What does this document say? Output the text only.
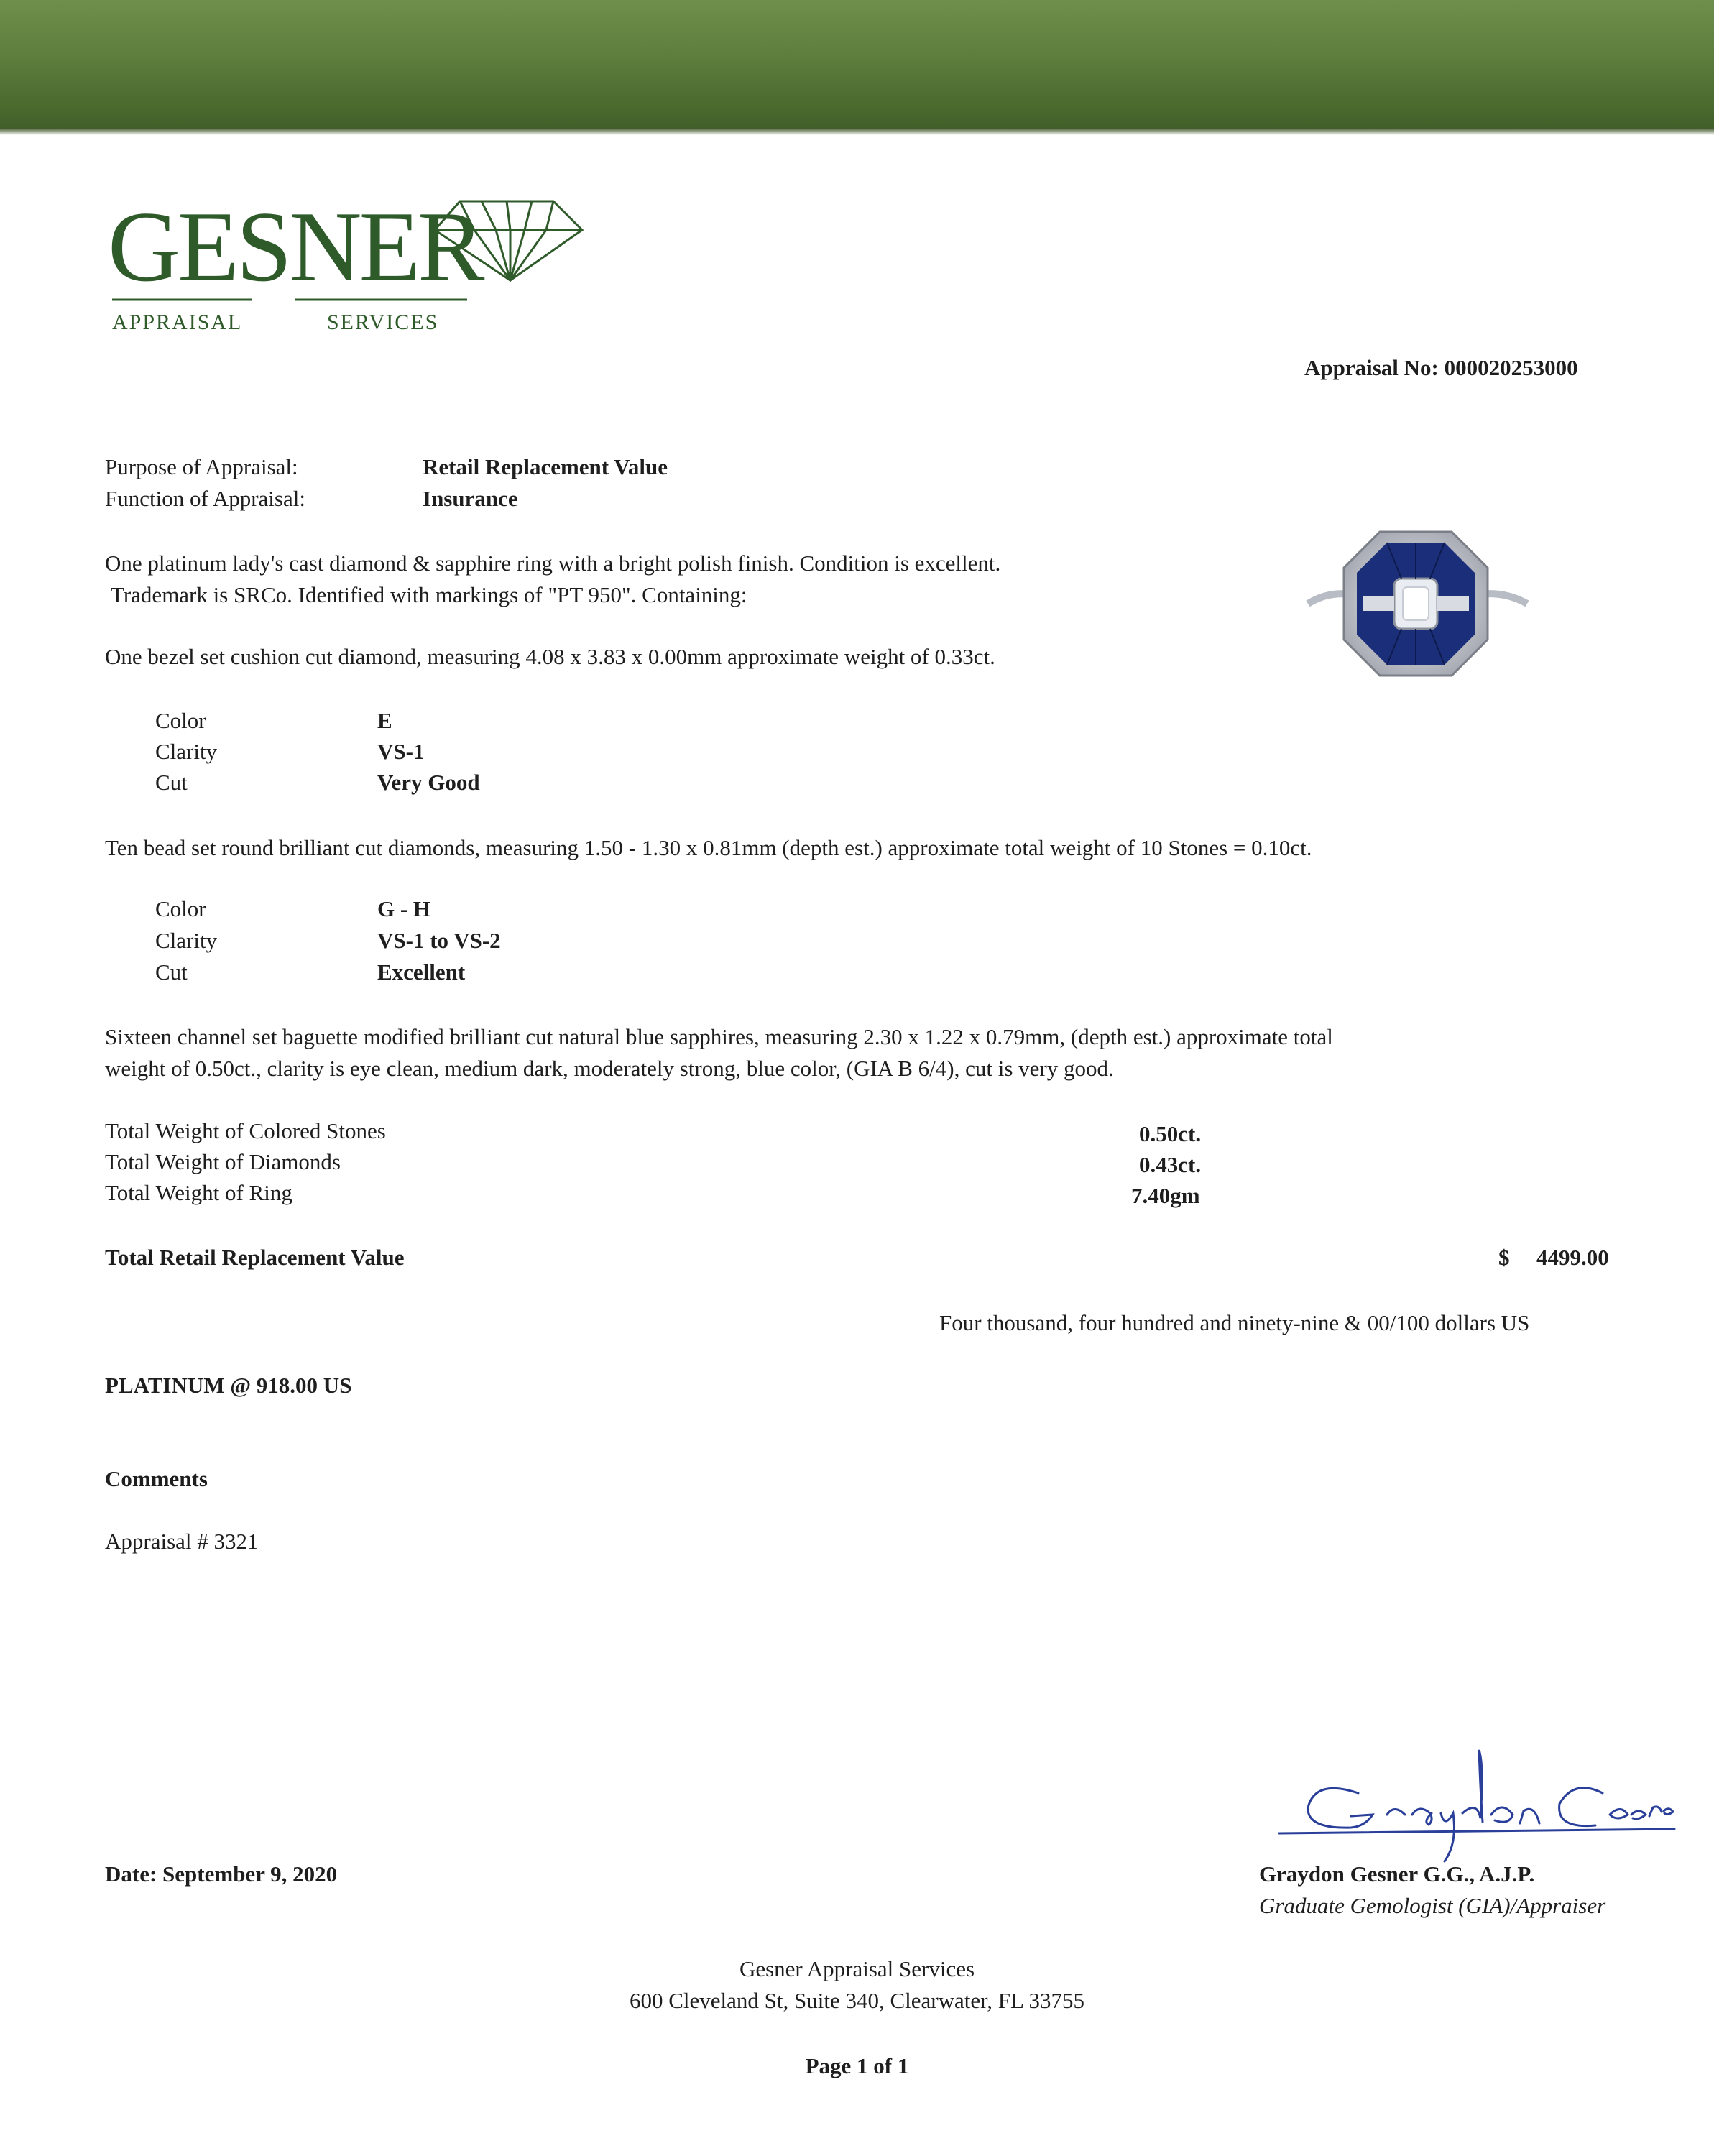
GESNER
APPRAISAL	SERVICES
Appraisal No: 000020253000
Purpose of Appraisal:	Retail Replacement Value
Function of Appraisal:	Insurance
One platinum lady's cast diamond & sapphire ring with a bright polish finish. Condition is excellent.
Trademark is SRCo. Identified with markings of "PT 950". Containing:
One bezel set cushion cut diamond, measuring 4.08 x 3.83 x 0.00mm approximate weight of 0.33ct.
Color	E
Clarity	VS-1
Cut	Very Good
Ten bead set round brilliant cut diamonds, measuring 1.50 - 1.30 x 0.81mm (depth est.) approximate total weight of 10 Stones = 0.10ct.
Color	G - H
Clarity	VS-1 to VS-2
Cut	Excellent
Sixteen channel set baguette modified brilliant cut natural blue sapphires, measuring 2.30 x 1.22 x 0.79mm, (depth est.) approximate total
weight of 0.50ct., clarity is eye clean, medium dark, moderately strong, blue color, (GIA B 6/4), cut is very good.
Total Weight of Colored Stones	0.50ct.
Total Weight of Diamonds	0.43ct.
Total Weight of Ring	7.40gm
Total Retail Replacement Value	$ 4499.00
Four thousand, four hundred and ninety-nine & 00/100 dollars US
PLATINUM @ 918.00 US
Comments
Appraisal # 3321
Date: September 9, 2020	Graydon Gesner G.G., A.J.P.
Graduate Gemologist (GIA)/Appraiser
Gesner Appraisal Services
600 Cleveland St, Suite 340, Clearwater, FL 33755
Page 1 of 1
